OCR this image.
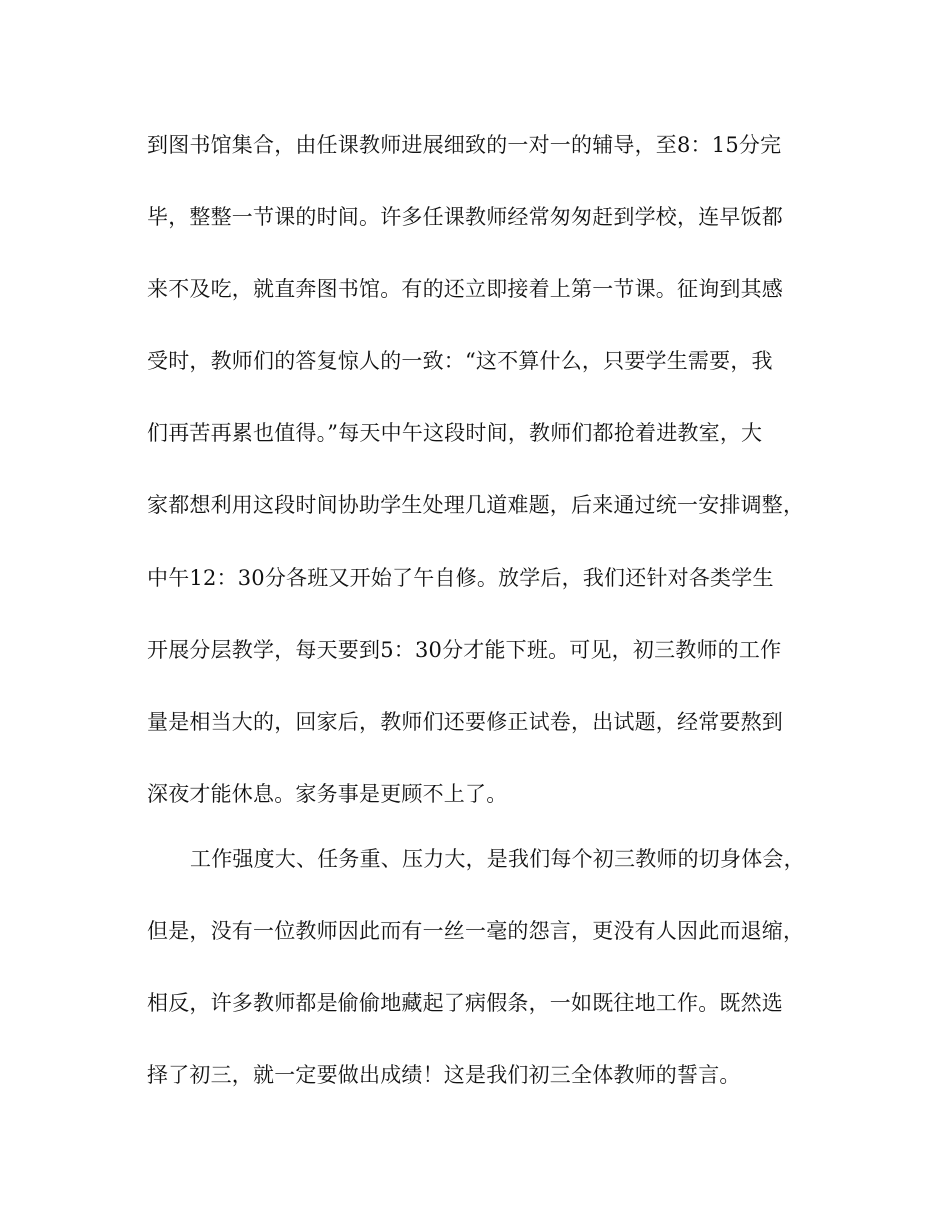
到图书馆集合，由任课教师进展细致的一对一的辅导，至8：15分完
毕，整整一节课的时间。许多任课教师经常匆匆赶到学校，连早饭都
来不及吃，就直奔图书馆。有的还立即接着上第一节课。征询到其感
受时，教师们的答复惊人的一致：“这不算什么，只要学生需要，我
们再苦再累也值得。”每天中午这段时间，教师们都抢着进教室，大
家都想利用这段时间协助学生处理几道难题，后来通过统一安排调整，
中午12：30分各班又开始了午自修。放学后，我们还针对各类学生
开展分层教学，每天要到5：30分才能下班。可见，初三教师的工作
量是相当大的，回家后，教师们还要修正试卷，出试题，经常要熬到
深夜才能休息。家务事是更顾不上了。
工作强度大、任务重、压力大，是我们每个初三教师的切身体会，
但是，没有一位教师因此而有一丝一毫的怨言，更没有人因此而退缩，
相反，许多教师都是偷偷地藏起了病假条，一如既往地工作。既然选
择了初三，就一定要做出成绩！这是我们初三全体教师的誓言。
